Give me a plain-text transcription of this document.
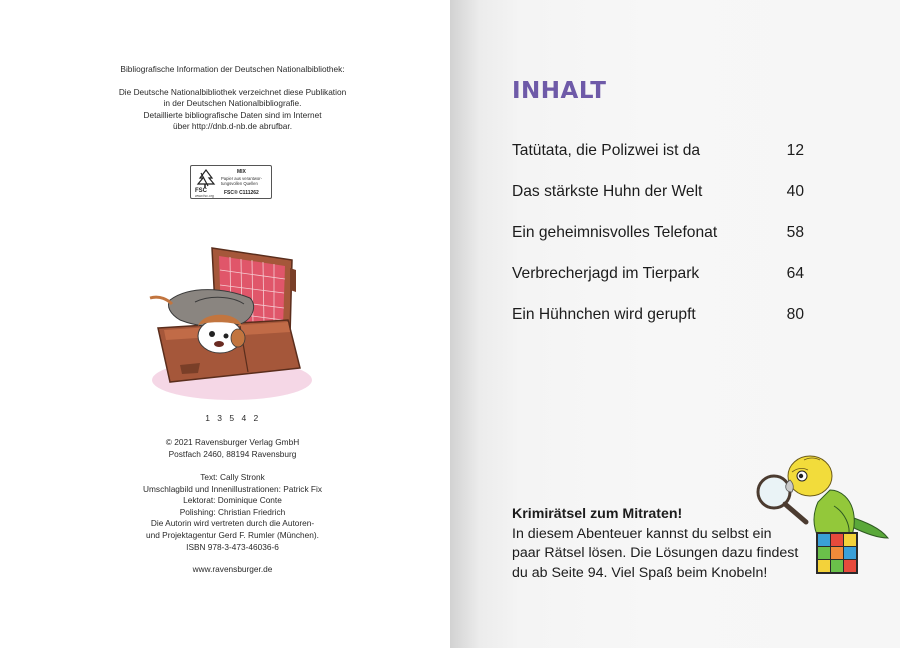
Bibliografische Information der Deutschen Nationalbibliothek:

Die Deutsche Nationalbibliothek verzeichnet diese Publikation

in der Deutschen Nationalbibliografie.

Detaillierte bibliografische Daten sind im Internet

über http://dnb.d-nb.de abrufbar.

FSC
www.fsc.org
MIX
Papier aus verantwor-
tungsvollen Quellen
FSC® C111262
1 3 5 4 2

© 2021 Ravensburger Verlag GmbH

Postfach 2460, 88194 Ravensburg

Text: Cally Stronk

Umschlagbild und Innenillustrationen: Patrick Fix

Lektorat: Dominique Conte

Polishing: Christian Friedrich

Die Autorin wird vertreten durch die Autoren-

und Projektagentur Gerd F. Rumler (München).

ISBN 978-3-473-46036-6

www.ravensburger.de

INHALT
Tatütata, die Polizwei ist da	12
Das stärkste Huhn der Welt	40
Ein geheimnisvolles Telefonat	58
Verbrecherjagd im Tierpark	64
Ein Hühnchen wird gerupft	80
Krimirätsel zum Mitraten!
In diesem Abenteuer kannst du selbst ein
paar Rätsel lösen. Die Lösungen dazu findest
du ab Seite 94. Viel Spaß beim Knobeln!
